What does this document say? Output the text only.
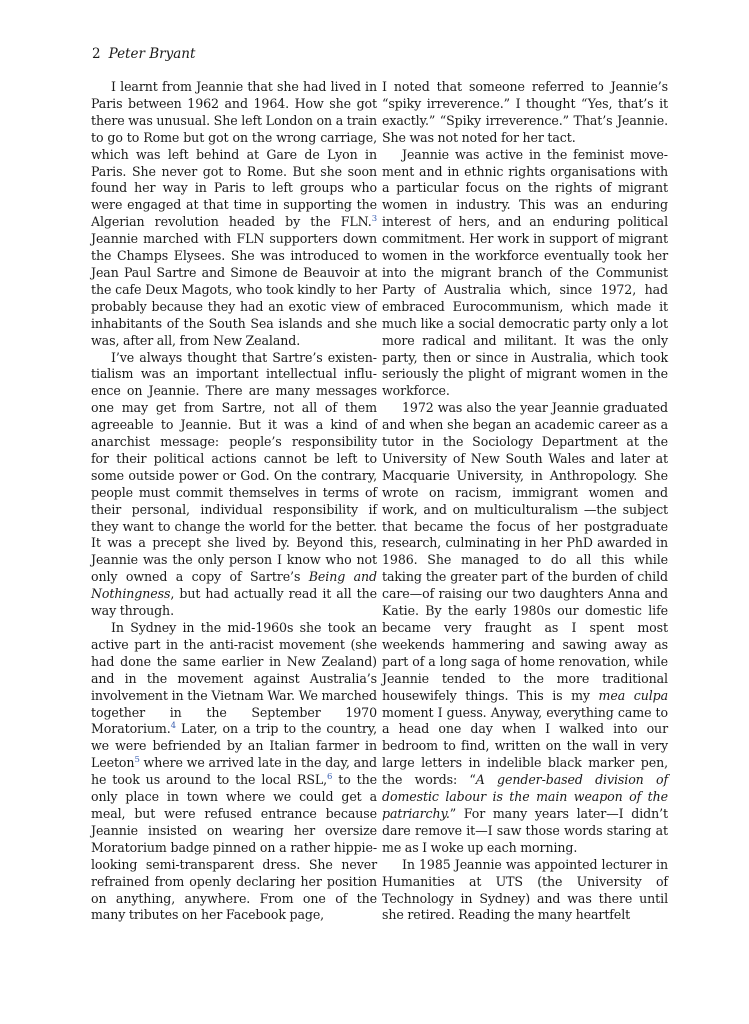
2 Peter Bryant

I learnt from Jeannie that she had lived in Paris between 1962 and 1964. How she got there was unusual. She left London on a train to go to Rome but got on the wrong carriage, which was left behind at Gare de Lyon in Paris. She never got to Rome. But she soon found her way in Paris to left groups who were engaged at that time in supporting the Algerian revolution headed by the FLN.$^3$ Jeannie marched with FLN supporters down the Champs Elysees. She was introduced to Jean Paul Sartre and Simone de Beauvoir at the cafe Deux Magots, who took kindly to her probably because they had an exotic view of inhabitants of the South Sea islands and she was, after all, from New Zealand.

I’ve always thought that Sartre’s existentialism was an important intellectual influence on Jeannie. There are many messages one may get from Sartre, not all of them agreeable to Jeannie. But it was a kind of anarchist message: people’s responsibility for their political actions cannot be left to some outside power or God. On the contrary, people must commit themselves in terms of their personal, individual responsibility if they want to change the world for the better. It was a precept she lived by. Beyond this, Jeannie was the only person I know who not only owned a copy of Sartre’s Being and Nothingness, but had actually read it all the way through.

In Sydney in the mid-1960s she took an active part in the anti-racist movement (she had done the same earlier in New Zealand) and in the movement against Australia’s involvement in the Vietnam War. We marched together in the September 1970 Moratorium.$^4$ Later, on a trip to the country, we were befriended by an Italian farmer in Leeton$^5$ where we arrived late in the day, and he took us around to the local RSL,$^6$ to the only place in town where we could get a meal, but were refused entrance because Jeannie insisted on wearing her oversize Moratorium badge pinned on a rather hippie-looking semi-transparent dress. She never refrained from openly declaring her position on anything, anywhere. From one of the many tributes on her Facebook page,

I noted that someone referred to Jeannie’s “spiky irreverence.” I thought “Yes, that’s it exactly.” “Spiky irreverence.” That’s Jeannie. She was not noted for her tact.

Jeannie was active in the feminist movement and in ethnic rights organisations with a particular focus on the rights of migrant women in industry. This was an enduring interest of hers, and an enduring political commitment. Her work in support of migrant women in the workforce eventually took her into the migrant branch of the Communist Party of Australia which, since 1972, had embraced Eurocommunism, which made it much like a social democratic party only a lot more radical and militant. It was the only party, then or since in Australia, which took seriously the plight of migrant women in the workforce.

1972 was also the year Jeannie graduated and when she began an academic career as a tutor in the Sociology Department at the University of New South Wales and later at Macquarie University, in Anthropology. She wrote on racism, immigrant women and work, and on multiculturalism —the subject that became the focus of her postgraduate research, culminating in her PhD awarded in 1986. She managed to do all this while taking the greater part of the burden of child care—of raising our two daughters Anna and Katie. By the early 1980s our domestic life became very fraught as I spent most weekends hammering and sawing away as part of a long saga of home renovation, while Jeannie tended to the more traditional housewifely things. This is my mea culpa moment I guess. Anyway, everything came to a head one day when I walked into our bedroom to find, written on the wall in very large letters in indelible black marker pen, the words: “A gender-based division of domestic labour is the main weapon of the patriarchy.” For many years later—I didn’t dare remove it—I saw those words staring at me as I woke up each morning.

In 1985 Jeannie was appointed lecturer in Humanities at UTS (the University of Technology in Sydney) and was there until she retired. Reading the many heartfelt
